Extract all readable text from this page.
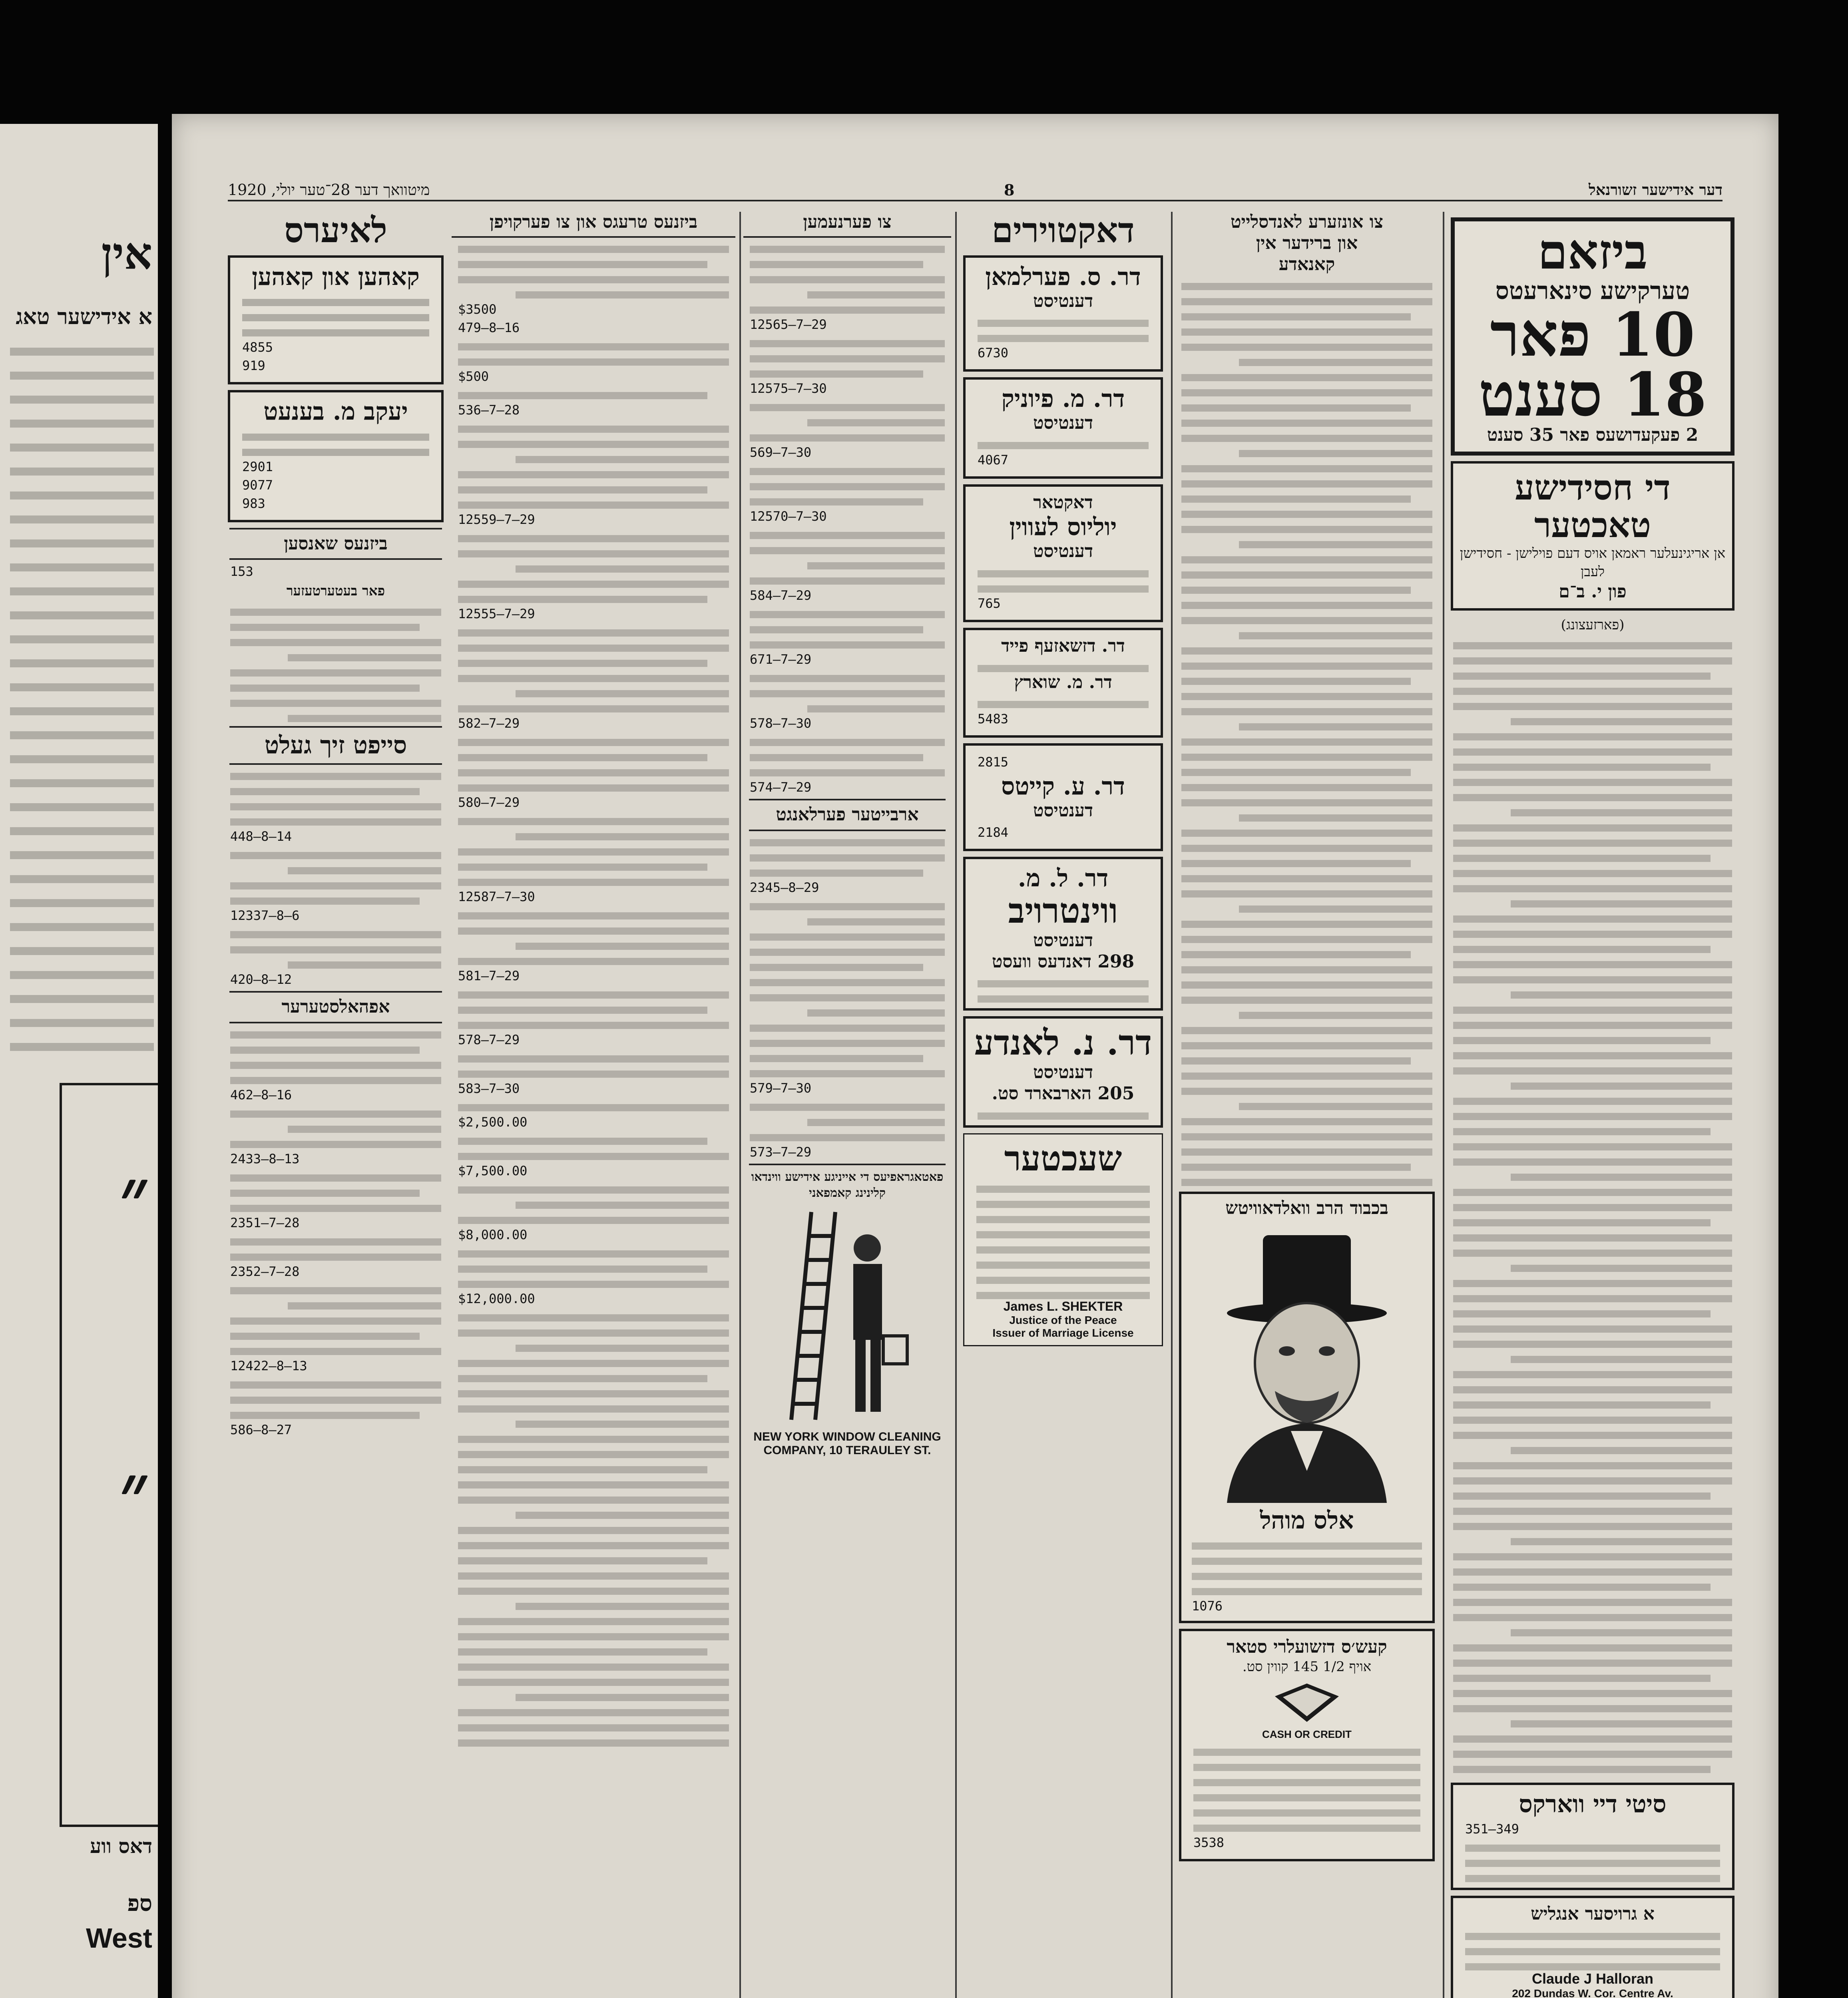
אין
א אידישער טאג
״
״
דאס ווע
ספ
West
מיטוואך דער 28־טער יולי, 1920	8	דער אידישער זשורנאל
לאיערס
קאהען און קאהען
4855
919
יעקב מ. בענעט
2901
9077
983
ביזנעס שאנסען
153
פאר בעטערטעזער
סייפט זיך געלט
448—8—14
12337—8—6
420—8—12
אפהאלסטערער
462—8—16
2433—8—13
2351—7—28
2352—7—28
12422—8—13
586—8—27
ביזנעס טרעגס און צו פערקויפן
$3500
479—8—16
$500
536—7—28
12559—7—29
12555—7—29
582—7—29
580—7—29
12587—7—30
581—7—29
578—7—29
583—7—30
$2,500.00
$7,500.00
$8,000.00
$12,000.00
צו פערנעמען
12565—7—29
12575—7—30
569—7—30
12570—7—30
584—7—29
671—7—29
578—7—30
574—7—29
ארבייטער פערלאנגט
2345—8—29
579—7—30
573—7—29
פאטאגראפיעס די אייניגע אידישע ווינדאו קלינינג קאמפאני
NEW YORK WINDOW CLEANING
COMPANY, 10 TERAULEY ST.
דאקטוירים
דר. ס. פערלמאן
דענטיסט
6730
דר. מ. פיוניק
דענטיסט
4067
דאקטאר
יוליוס לעווין
דענטיסט
765
דר. דזשאזעף פייד
דר. מ. שוארץ
5483
2815
דר. ע. קייטס
דענטיסט
2184
דר. ל. מ.
ווינטרויב
דענטיסט
298 דאנדעס וועסט
דר. נ. לאנדע
דענטיסט
205 הארבארד סט.
שעכטער
James L. SHEKTER
Justice of the Peace
Issuer of Marriage License
צו אונזערע לאנדסלייט
און ברידער אין
קאנאדע
בכבוד הרב וואלדאוויטש
אלס מוהל
1076
קעש׳ס דזשועלרי סטאר
אויף 1/2 145 קווין סט.
CASH OR CREDIT
3538
ביזאם
טערקישע סינארעטס
10 פאר 18 סענט
2 פעקעדושעס פאר 35 סענט
די חסידישע טאכטער
אן אריגינעלער ראמאן אויס דעם פוילישן - חסידישן לעבן
פון י. ב־ם
(פארזעצונג)
סיטי דיי ווארקס
351—349
א גרויסער אנגליש
Claude J Halloran
202 Dundas W. Cor. Centre Av.
